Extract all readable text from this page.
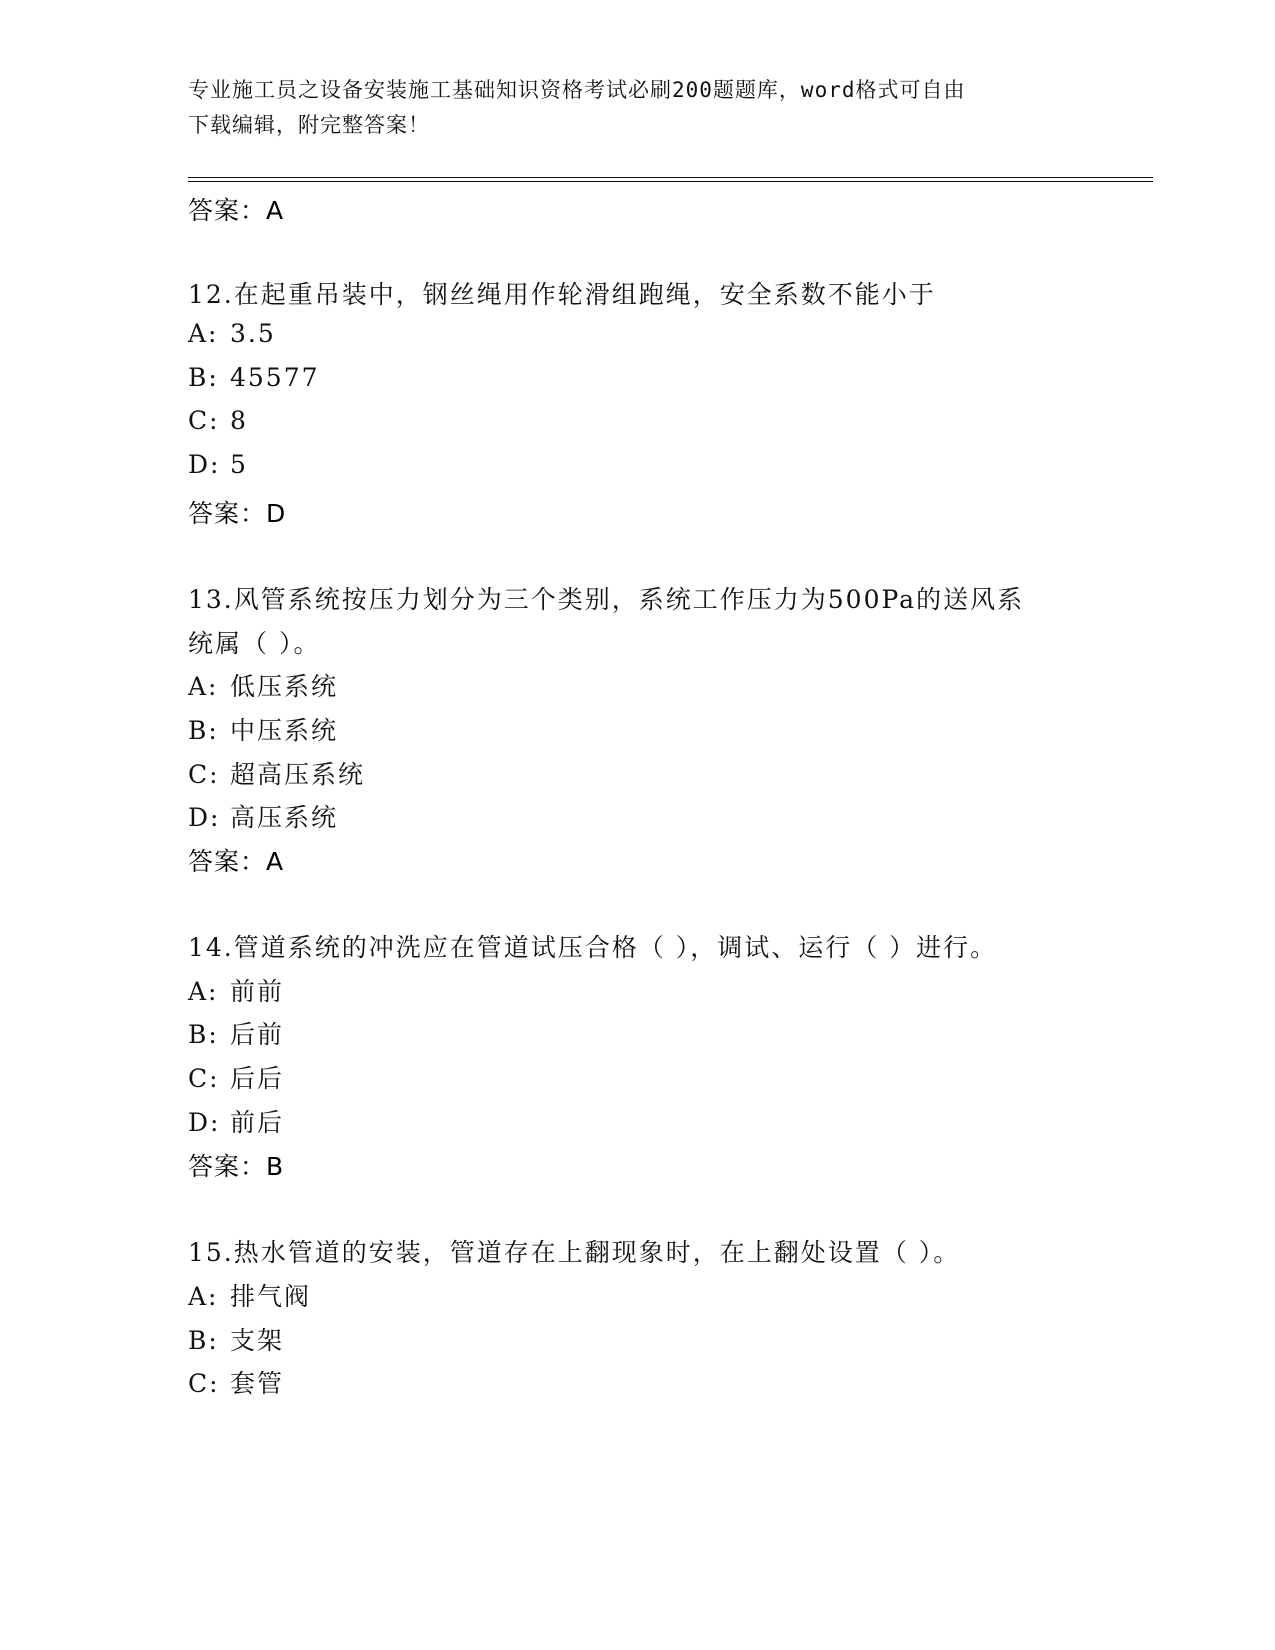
专业施工员之设备安装施工基础知识资格考试必刷200题题库，word格式可自由
下载编辑，附完整答案！
答案：A
12.在起重吊装中，钢丝绳用作轮滑组跑绳，安全系数不能小于
A: 3.5
B: 45577
C: 8
D: 5
答案：D
13.风管系统按压力划分为三个类别，系统工作压力为500Pa的送风系
统属（ ）。
A: 低压系统
B: 中压系统
C: 超高压系统
D: 高压系统
答案：A
14.管道系统的冲洗应在管道试压合格（ ），调试、运行（ ）进行。
A: 前前
B: 后前
C: 后后
D: 前后
答案：B
15.热水管道的安装，管道存在上翻现象时，在上翻处设置（ ）。
A: 排气阀
B: 支架
C: 套管
